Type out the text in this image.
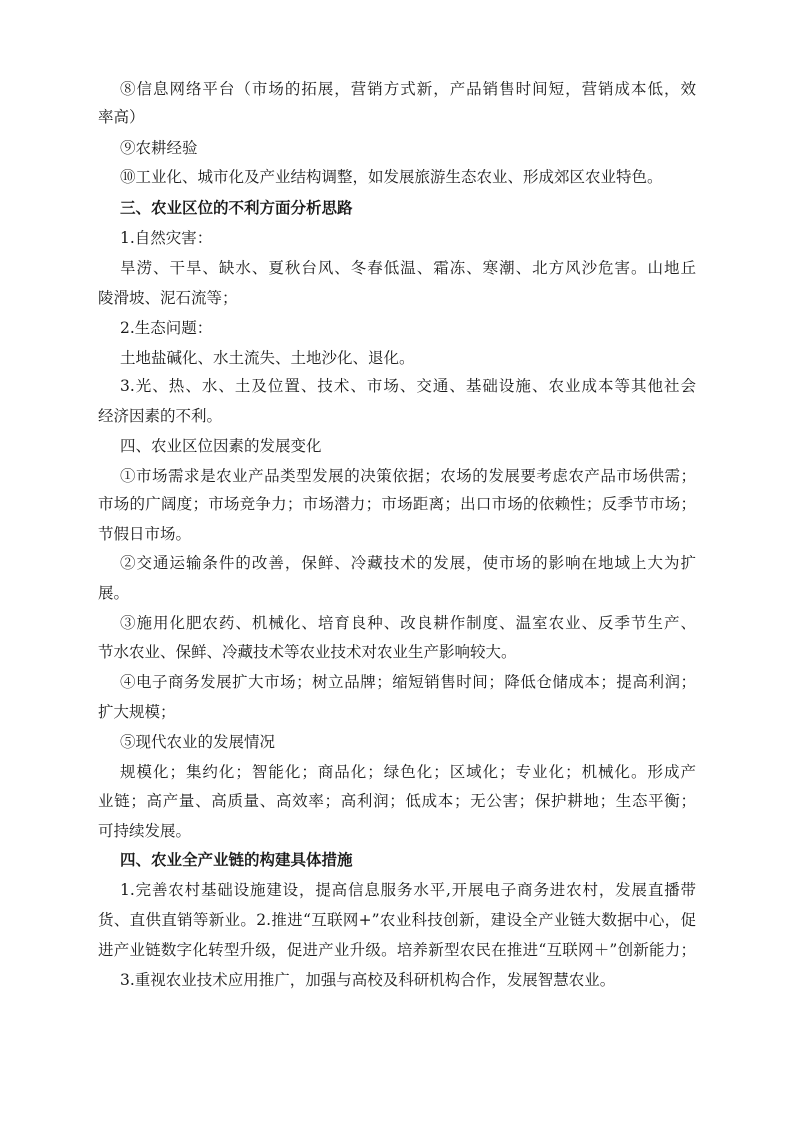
⑧信息网络平台（市场的拓展，营销方式新，产品销售时间短，营销成本低，效
率高）
⑨农耕经验
⑩工业化、城市化及产业结构调整，如发展旅游生态农业、形成郊区农业特色。
三、农业区位的不利方面分析思路
1.自然灾害：
旱涝、干旱、缺水、夏秋台风、冬春低温、霜冻、寒潮、北方风沙危害。山地丘
陵滑坡、泥石流等；
2.生态问题：
土地盐碱化、水土流失、土地沙化、退化。
3.光、热、水、土及位置、技术、市场、交通、基础设施、农业成本等其他社会
经济因素的不利。
四、农业区位因素的发展变化
①市场需求是农业产品类型发展的决策依据；农场的发展要考虑农产品市场供需；
市场的广阔度；市场竞争力；市场潜力；市场距离；出口市场的依赖性；反季节市场；
节假日市场。
②交通运输条件的改善，保鲜、冷藏技术的发展，使市场的影响在地域上大为扩
展。
③施用化肥农药、机械化、培育良种、改良耕作制度、温室农业、反季节生产、
节水农业、保鲜、冷藏技术等农业技术对农业生产影响较大。
④电子商务发展扩大市场；树立品牌；缩短销售时间；降低仓储成本；提高利润；
扩大规模；
⑤现代农业的发展情况
规模化；集约化；智能化；商品化；绿色化；区域化；专业化；机械化。形成产
业链；高产量、高质量、高效率；高利润；低成本；无公害；保护耕地；生态平衡；
可持续发展。
四、农业全产业链的构建具体措施
1.完善农村基础设施建设，提高信息服务水平,开展电子商务进农村，发展直播带
货、直供直销等新业。2.推进“互联网+”农业科技创新，建设全产业链大数据中心，促
进产业链数字化转型升级，促进产业升级。培养新型农民在推进“互联网＋”创新能力；
3.重视农业技术应用推广，加强与高校及科研机构合作，发展智慧农业。
